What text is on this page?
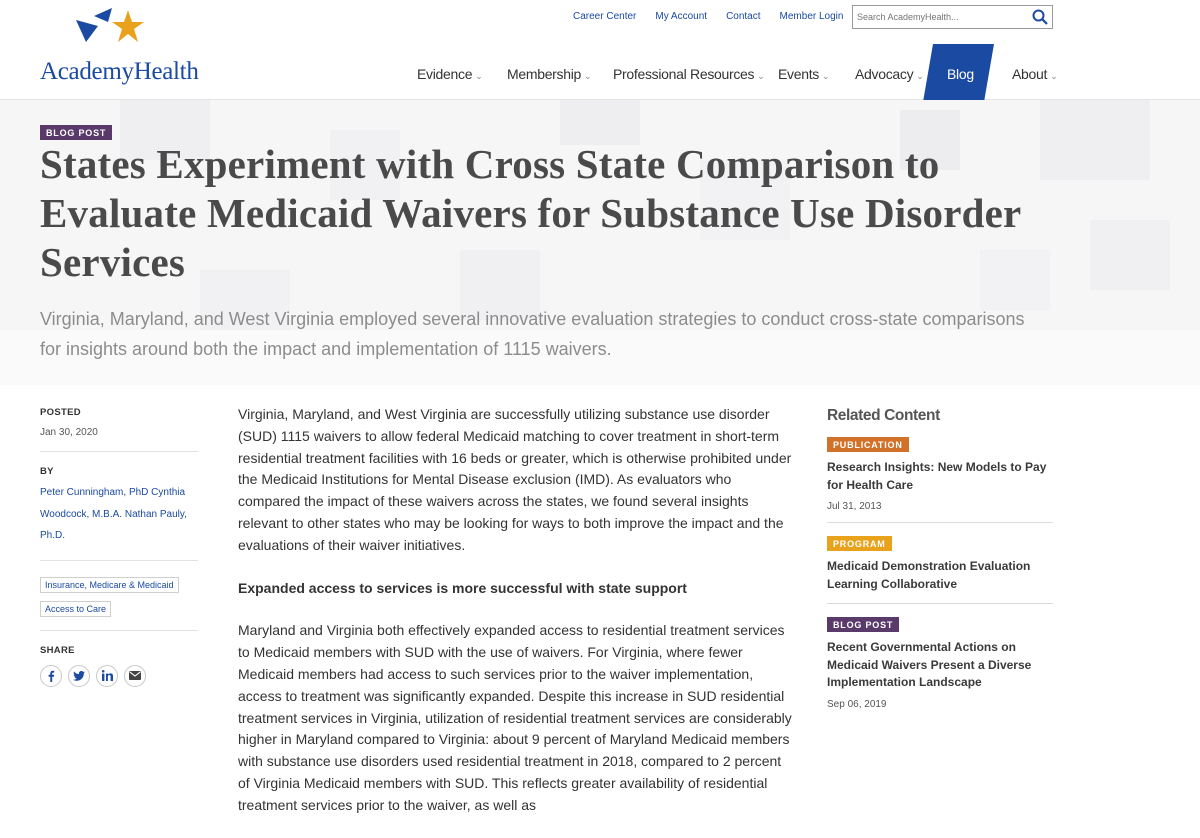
AcademyHealth
Career Center My Account Contact Member Login
Search AcademyHealth...
Evidence ⌄ Membership ⌄ Professional Resources ⌄ Events ⌄ Advocacy ⌄ Blog	About ⌄
BLOG POST
States Experiment with Cross State Comparison to Evaluate Medicaid Waivers for Substance Use Disorder Services

Virginia, Maryland, and West Virginia employed several innovative evaluation strategies to conduct cross-state comparisons for insights around both the impact and implementation of 1115 waivers.

POSTED
Jan 30, 2020
BY
Peter Cunningham, PhD Cynthia Woodcock, M.B.A. Nathan Pauly, Ph.D.
Insurance, Medicare & Medicaid
Access to Care
SHARE

Virginia, Maryland, and West Virginia are successfully utilizing substance use disorder (SUD) 1115 waivers to allow federal Medicaid matching to cover treatment in short-term residential treatment facilities with 16 beds or greater, which is otherwise prohibited under the Medicaid Institutions for Mental Disease exclusion (IMD). As evaluators who compared the impact of these waivers across the states, we found several insights relevant to other states who may be looking for ways to both improve the impact and the evaluations of their waiver initiatives.

Expanded access to services is more successful with state support

Maryland and Virginia both effectively expanded access to residential treatment services to Medicaid members with SUD with the use of waivers. For Virginia, where fewer Medicaid members had access to such services prior to the waiver implementation, access to treatment was significantly expanded. Despite this increase in SUD residential treatment services in Virginia, utilization of residential treatment services are considerably higher in Maryland compared to Virginia: about 9 percent of Maryland Medicaid members with substance use disorders used residential treatment in 2018, compared to 2 percent of Virginia Medicaid members with SUD. This reflects greater availability of residential treatment services prior to the waiver, as well as

Related Content
PUBLICATION
Research Insights: New Models to Pay for Health Care
Jul 31, 2013
PROGRAM
Medicaid Demonstration Evaluation Learning Collaborative
BLOG POST
Recent Governmental Actions on Medicaid Waivers Present a Diverse Implementation Landscape
Sep 06, 2019
